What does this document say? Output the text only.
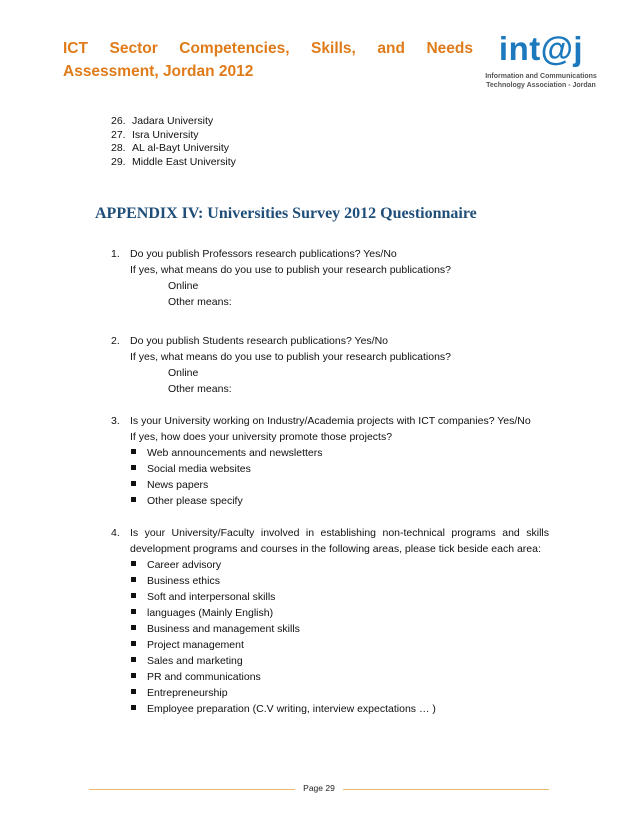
ICT Sector Competencies, Skills, and Needs Assessment, Jordan 2012
int@j
Information and Communications Technology Association - Jordan
26. Jadara University
27. Isra University
28. AL al-Bayt University
29. Middle East University
APPENDIX IV: Universities Survey 2012 Questionnaire
1. Do you publish Professors research publications? Yes/No
If yes, what means do you use to publish your research publications?
Online
Other means:
2. Do you publish Students research publications? Yes/No
If yes, what means do you use to publish your research publications?
Online
Other means:
3. Is your University working on Industry/Academia projects with ICT companies? Yes/No
If yes, how does your university promote those projects?
Web announcements and newsletters
Social media websites
News papers
Other please specify
4. Is your University/Faculty involved in establishing non-technical programs and skills development programs and courses in the following areas, please tick beside each area:
Career advisory
Business ethics
Soft and interpersonal skills
languages (Mainly English)
Business and management skills
Project management
Sales and marketing
PR and communications
Entrepreneurship
Employee preparation (C.V writing, interview expectations … )
Page 29
